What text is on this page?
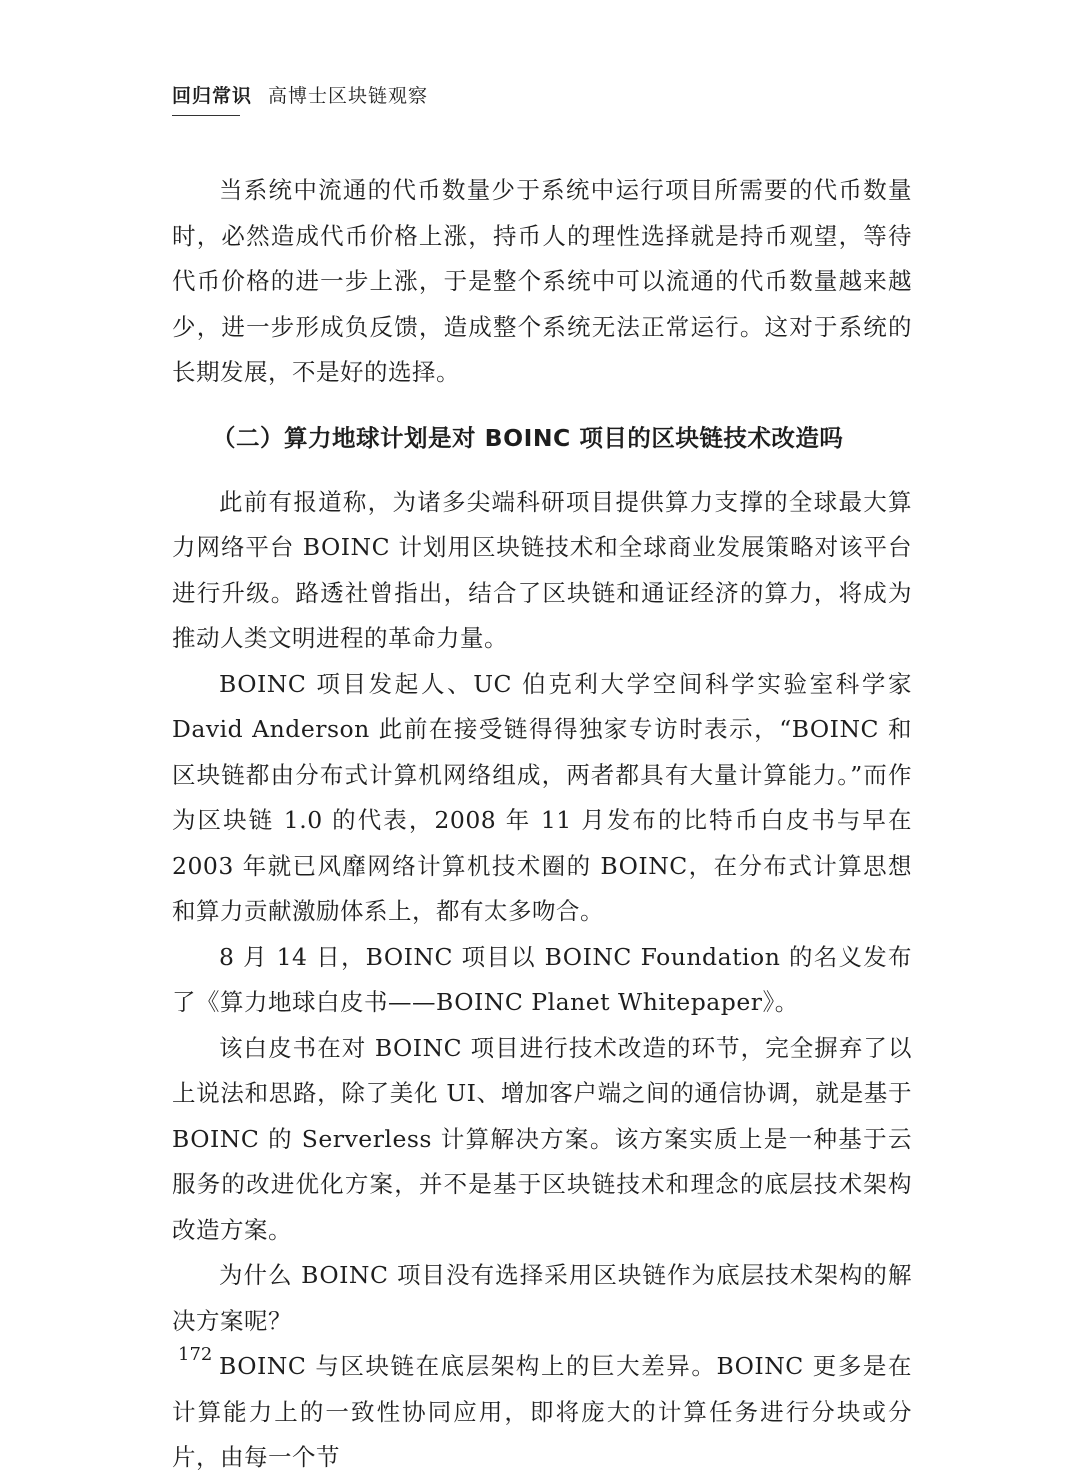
回归常识 高博士区块链观察

当系统中流通的代币数量少于系统中运行项目所需要的代币数量时，必然造成代币价格上涨，持币人的理性选择就是持币观望，等待代币价格的进一步上涨，于是整个系统中可以流通的代币数量越来越少，进一步形成负反馈，造成整个系统无法正常运行。这对于系统的长期发展，不是好的选择。

（二）算力地球计划是对 BOINC 项目的区块链技术改造吗

此前有报道称，为诸多尖端科研项目提供算力支撑的全球最大算力网络平台 BOINC 计划用区块链技术和全球商业发展策略对该平台进行升级。路透社曾指出，结合了区块链和通证经济的算力，将成为推动人类文明进程的革命力量。

BOINC 项目发起人、UC 伯克利大学空间科学实验室科学家 David Anderson 此前在接受链得得独家专访时表示，“BOINC 和区块链都由分布式计算机网络组成，两者都具有大量计算能力。”而作为区块链 1.0 的代表，2008 年 11 月发布的比特币白皮书与早在 2003 年就已风靡网络计算机技术圈的 BOINC，在分布式计算思想和算力贡献激励体系上，都有太多吻合。

8 月 14 日，BOINC 项目以 BOINC Foundation 的名义发布了《算力地球白皮书——BOINC Planet Whitepaper》。

该白皮书在对 BOINC 项目进行技术改造的环节，完全摒弃了以上说法和思路，除了美化 UI、增加客户端之间的通信协调，就是基于 BOINC 的 Serverless 计算解决方案。该方案实质上是一种基于云服务的改进优化方案，并不是基于区块链技术和理念的底层技术架构改造方案。

为什么 BOINC 项目没有选择采用区块链作为底层技术架构的解决方案呢？

BOINC 与区块链在底层架构上的巨大差异。BOINC 更多是在计算能力上的一致性协同应用，即将庞大的计算任务进行分块或分片，由每一个节

172
